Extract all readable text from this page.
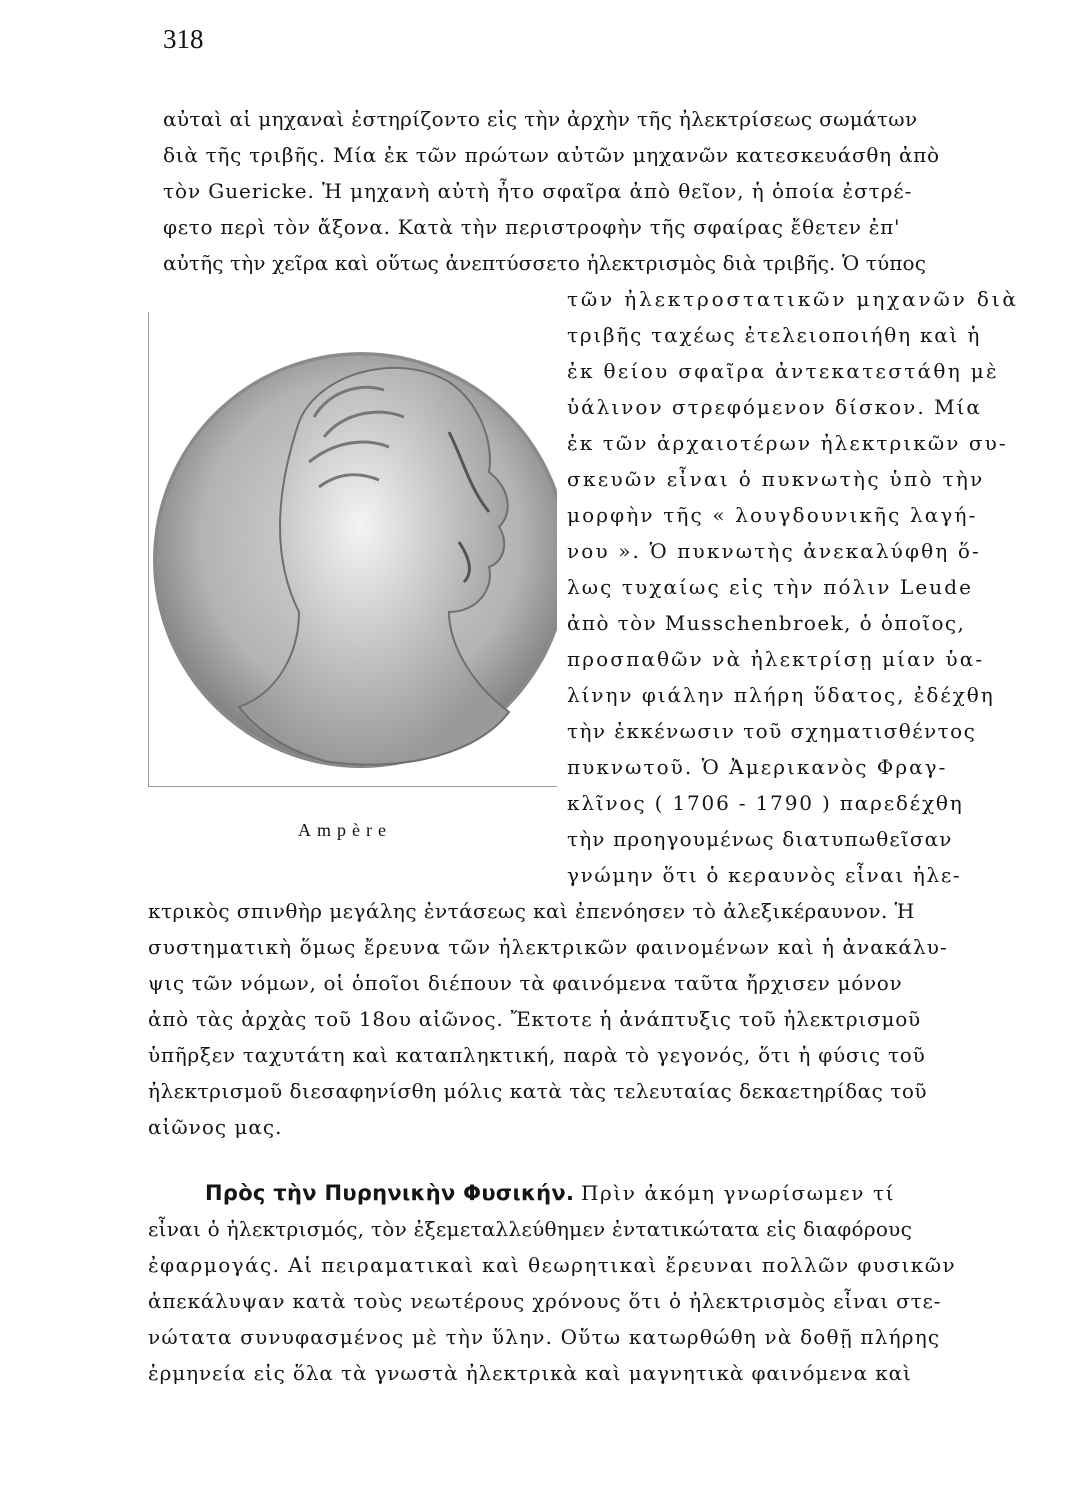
318
αὐταὶ αἱ μηχαναὶ ἐστηρίζοντο εἰς τὴν ἀρχὴν τῆς ἠλεκτρίσεως σωμάτων
διὰ τῆς τριβῆς. Μία ἐκ τῶν πρώτων αὐτῶν μηχανῶν κατεσκευάσθη ἀπὸ
τὸν Guericke. Ἡ μηχανὴ αὐτὴ ἦτο σφαῖρα ἀπὸ θεῖον, ἡ ὁποία ἐστρέ-
φετο περὶ τὸν ἄξονα. Κατὰ τὴν περιστροφὴν τῆς σφαίρας ἔθετεν ἐπ'
αὐτῆς τὴν χεῖρα καὶ οὕτως ἀνεπτύσσετο ἠλεκτρισμὸς διὰ τριβῆς. Ὁ τύπος
Ampère
τῶν ἠλεκτροστατικῶν μηχανῶν διὰ
τριβῆς ταχέως ἐτελειοποιήθη καὶ ἡ
ἐκ θείου σφαῖρα ἀντεκατεστάθη μὲ
ὑάλινον στρεφόμενον δίσκον. Μία
ἐκ τῶν ἀρχαιοτέρων ἠλεκτρικῶν συ-
σκευῶν εἶναι ὁ πυκνωτὴς ὑπὸ τὴν
μορφὴν τῆς « λουγδουνικῆς λαγή-
νου ». Ὁ πυκνωτὴς ἀνεκαλύφθη ὅ-
λως τυχαίως εἰς τὴν πόλιν Leude
ἀπὸ τὸν Musschenbroek, ὁ ὁποῖος,
προσπαθῶν νὰ ἠλεκτρίσῃ μίαν ὑα-
λίνην φιάλην πλήρη ὕδατος, ἐδέχθη
τὴν ἐκκένωσιν τοῦ σχηματισθέντος
πυκνωτοῦ. Ὁ Ἀμερικανὸς Φραγ-
κλῖνος ( 1706 - 1790 ) παρεδέχθη
τὴν προηγουμένως διατυπωθεῖσαν
γνώμην ὅτι ὁ κεραυνὸς εἶναι ἠλε-
κτρικὸς σπινθὴρ μεγάλης ἐντάσεως καὶ ἐπενόησεν τὸ ἀλεξικέραυνον. Ἡ
συστηματικὴ ὅμως ἔρευνα τῶν ἠλεκτρικῶν φαινομένων καὶ ἡ ἀνακάλυ-
ψις τῶν νόμων, οἱ ὁποῖοι διέπουν τὰ φαινόμενα ταῦτα ἤρχισεν μόνον
ἀπὸ τὰς ἀρχὰς τοῦ 18ου αἰῶνος. Ἔκτοτε ἡ ἀνάπτυξις τοῦ ἠλεκτρισμοῦ
ὑπῆρξεν ταχυτάτη καὶ καταπληκτική, παρὰ τὸ γεγονός, ὅτι ἡ φύσις τοῦ
ἠλεκτρισμοῦ διεσαφηνίσθη μόλις κατὰ τὰς τελευταίας δεκαετηρίδας τοῦ
αἰῶνος μας.
Πρὸς τὴν Πυρηνικὴν Φυσικήν. Πρὶν ἀκόμη γνωρίσωμεν τί
εἶναι ὁ ἠλεκτρισμός, τὸν ἐξεμεταλλεύθημεν ἐντατικώτατα εἰς διαφόρους
ἐφαρμογάς. Αἱ πειραματικαὶ καὶ θεωρητικαὶ ἔρευναι πολλῶν φυσικῶν
ἀπεκάλυψαν κατὰ τοὺς νεωτέρους χρόνους ὅτι ὁ ἠλεκτρισμὸς εἶναι στε-
νώτατα συνυφασμένος μὲ τὴν ὕλην. Οὕτω κατωρθώθη νὰ δοθῇ πλήρης
ἑρμηνεία εἰς ὅλα τὰ γνωστὰ ἠλεκτρικὰ καὶ μαγνητικὰ φαινόμενα καὶ
